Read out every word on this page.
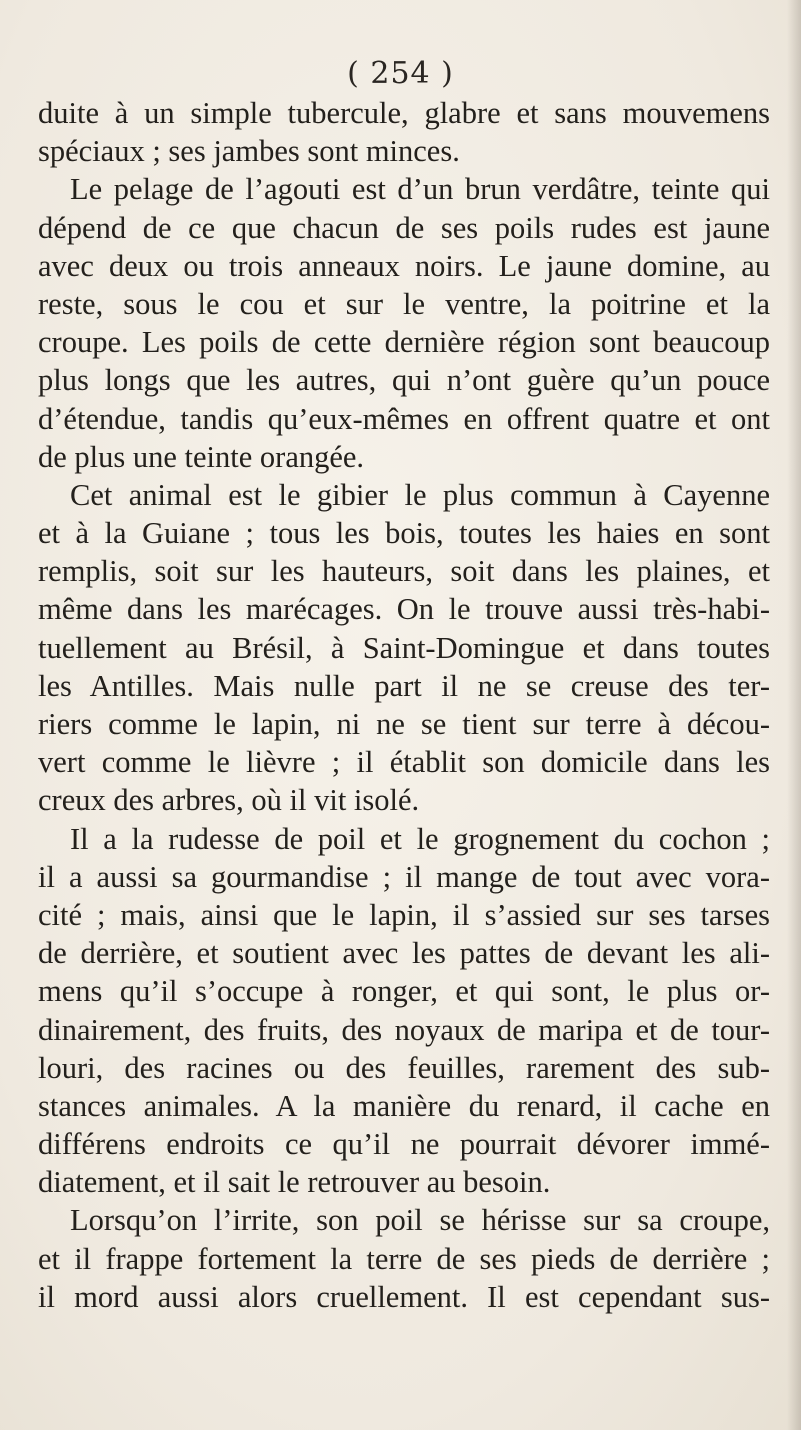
( 254 )
duite à un simple tubercule, glabre et sans mouvemens
spéciaux ; ses jambes sont minces.
Le pelage de l’agouti est d’un brun verdâtre, teinte qui
dépend de ce que chacun de ses poils rudes est jaune
avec deux ou trois anneaux noirs. Le jaune domine, au
reste, sous le cou et sur le ventre, la poitrine et la
croupe. Les poils de cette dernière région sont beaucoup
plus longs que les autres, qui n’ont guère qu’un pouce
d’étendue, tandis qu’eux-mêmes en offrent quatre et ont
de plus une teinte orangée.
Cet animal est le gibier le plus commun à Cayenne
et à la Guiane ; tous les bois, toutes les haies en sont
remplis, soit sur les hauteurs, soit dans les plaines, et
même dans les marécages. On le trouve aussi très-habi-
tuellement au Brésil, à Saint-Domingue et dans toutes
les Antilles. Mais nulle part il ne se creuse des ter-
riers comme le lapin, ni ne se tient sur terre à décou-
vert comme le lièvre ; il établit son domicile dans les
creux des arbres, où il vit isolé.
Il a la rudesse de poil et le grognement du cochon ;
il a aussi sa gourmandise ; il mange de tout avec vora-
cité ; mais, ainsi que le lapin, il s’assied sur ses tarses
de derrière, et soutient avec les pattes de devant les ali-
mens qu’il s’occupe à ronger, et qui sont, le plus or-
dinairement, des fruits, des noyaux de maripa et de tour-
louri, des racines ou des feuilles, rarement des sub-
stances animales. A la manière du renard, il cache en
différens endroits ce qu’il ne pourrait dévorer immé-
diatement, et il sait le retrouver au besoin.
Lorsqu’on l’irrite, son poil se hérisse sur sa croupe,
et il frappe fortement la terre de ses pieds de derrière ;
il mord aussi alors cruellement. Il est cependant sus-
